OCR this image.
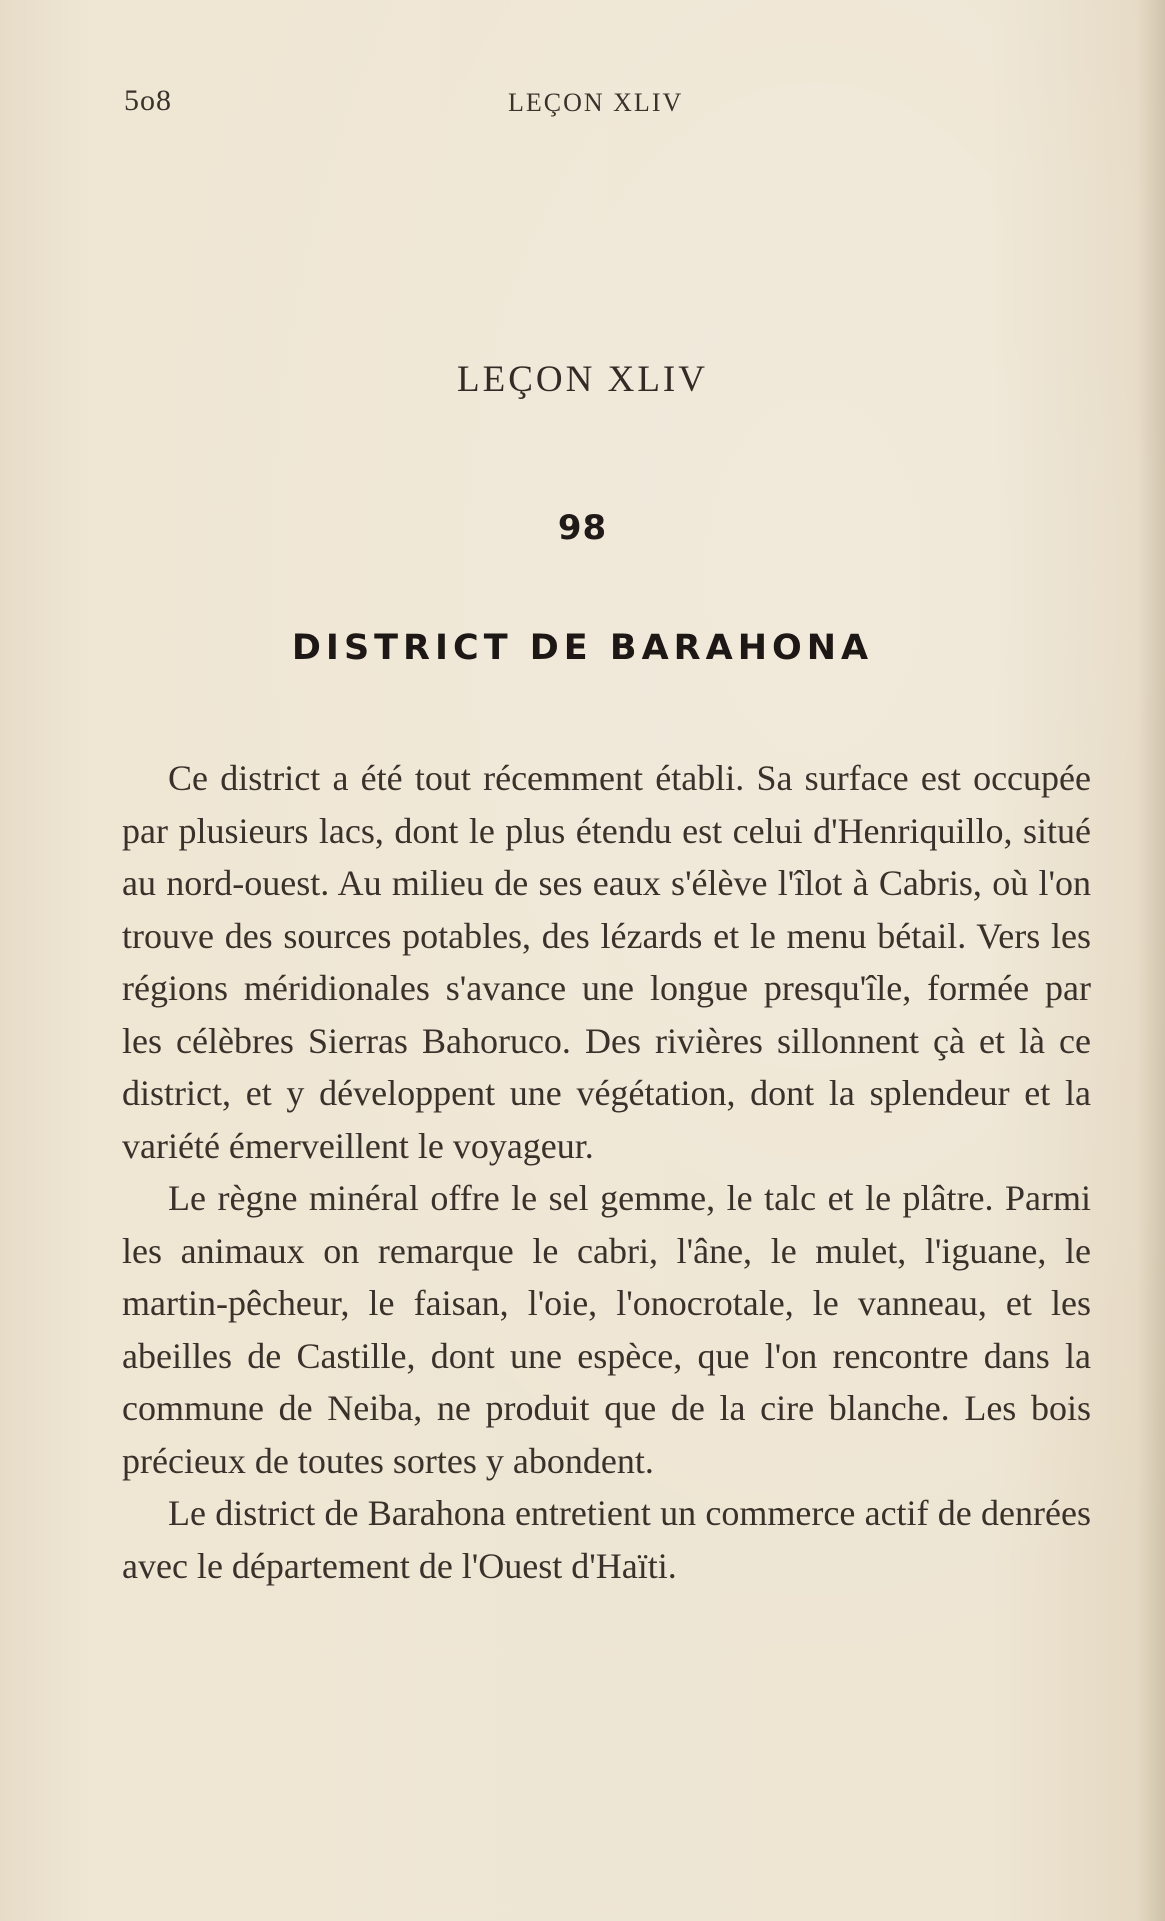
5o8	LEÇON XLIV
LEÇON XLIV
98
DISTRICT DE BARAHONA

Ce district a été tout récemment établi. Sa surface est occupée par plusieurs lacs, dont le plus étendu est celui d'Henriquillo, situé au nord-ouest. Au milieu de ses eaux s'élève l'îlot à Cabris, où l'on trouve des sources potables, des lézards et le menu bétail. Vers les régions méridionales s'avance une longue presqu'île, formée par les célèbres Sierras Bahoruco. Des rivières sillonnent çà et là ce district, et y développent une végétation, dont la splendeur et la variété émerveillent le voyageur.

Le règne minéral offre le sel gemme, le talc et le plâtre. Parmi les animaux on remarque le cabri, l'âne, le mulet, l'iguane, le martin-pêcheur, le faisan, l'oie, l'onocrotale, le vanneau, et les abeilles de Castille, dont une espèce, que l'on rencontre dans la commune de Neiba, ne produit que de la cire blanche. Les bois précieux de toutes sortes y abondent.

Le district de Barahona entretient un commerce actif de denrées avec le département de l'Ouest d'Haïti.
